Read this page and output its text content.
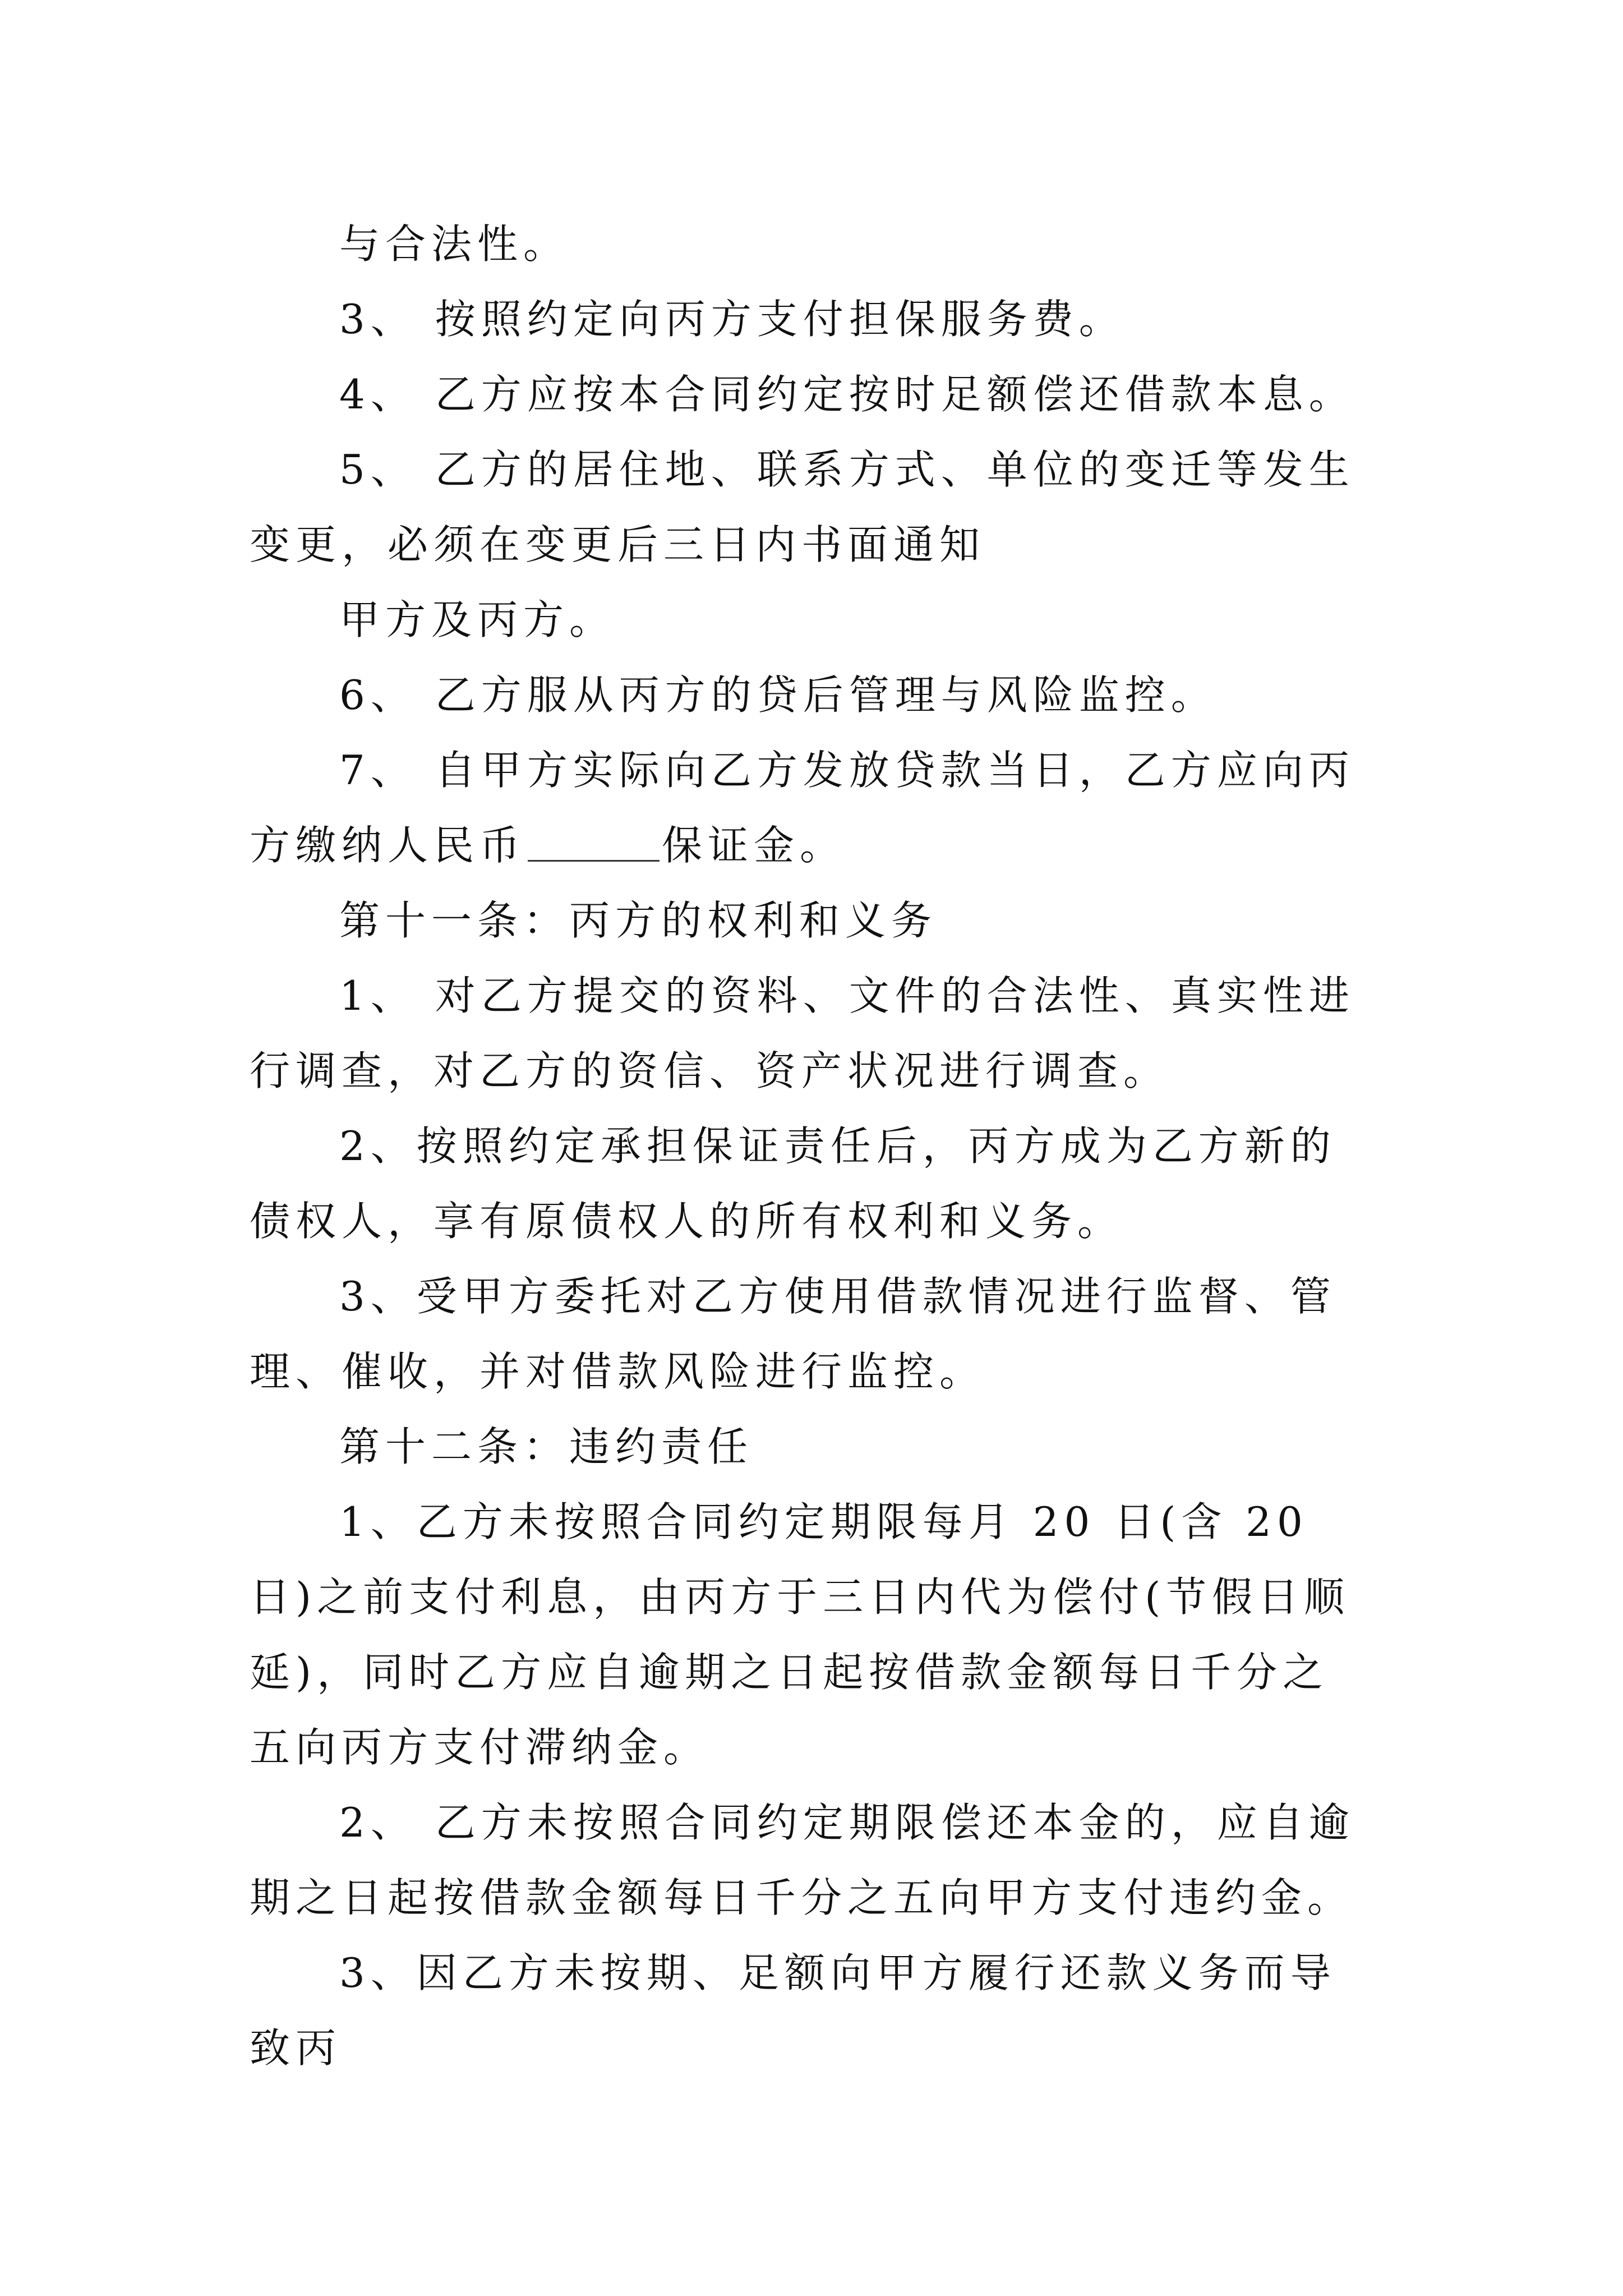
与合法性。

3、 按照约定向丙方支付担保服务费。

4、 乙方应按本合同约定按时足额偿还借款本息。

5、 乙方的居住地、联系方式、单位的变迁等发生变更，必须在变更后三日内书面通知

甲方及丙方。

6、 乙方服从丙方的贷后管理与风险监控。

7、 自甲方实际向乙方发放贷款当日，乙方应向丙方缴纳人民币	保证金。

第十一条：丙方的权利和义务

1、 对乙方提交的资料、文件的合法性、真实性进行调查，对乙方的资信、资产状况进行调查。

2、按照约定承担保证责任后，丙方成为乙方新的债权人，享有原债权人的所有权利和义务。

3、受甲方委托对乙方使用借款情况进行监督、管理、催收，并对借款风险进行监控。

第十二条：违约责任

1、乙方未按照合同约定期限每月 20 日(含 20 日)之前支付利息，由丙方于三日内代为偿付(节假日顺延)，同时乙方应自逾期之日起按借款金额每日千分之五向丙方支付滞纳金。

2、 乙方未按照合同约定期限偿还本金的，应自逾期之日起按借款金额每日千分之五向甲方支付违约金。

3、因乙方未按期、足额向甲方履行还款义务而导致丙
